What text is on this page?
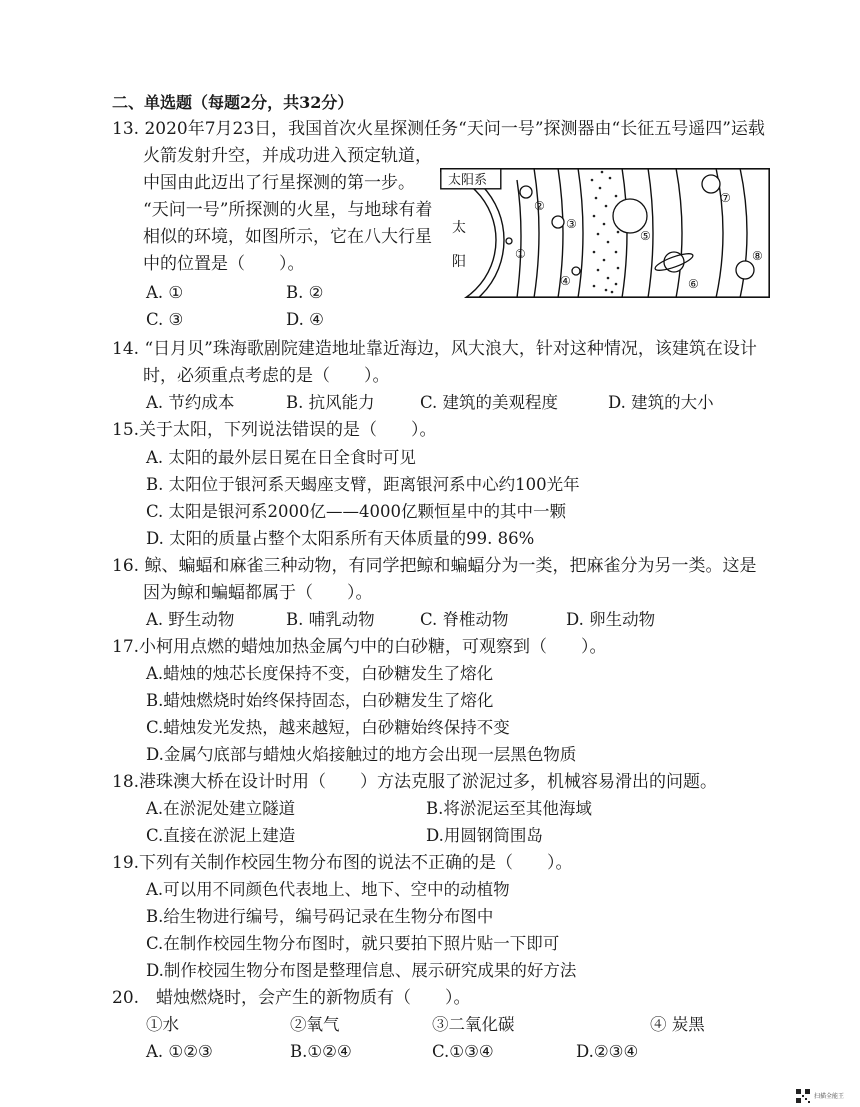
二、单选题（每题2分，共32分）
13. 2020年7月23日，我国首次火星探测任务“天问一号”探测器由“长征五号遥四”运载
火箭发射升空，并成功进入预定轨道，
中国由此迈出了行星探测的第一步。
“天问一号”所探测的火星，与地球有着
相似的环境，如图所示，它在八大行星
中的位置是（　　）。
A. ①	B. ②
C. ③	D. ④
太阳系
太
阳	①
②
③
④
⑤
⑥
⑦
⑧
14. “日月贝”珠海歌剧院建造地址靠近海边，风大浪大，针对这种情况，该建筑在设计
时，必须重点考虑的是（　　）。
A. 节约成本	B. 抗风能力	C. 建筑的美观程度	D. 建筑的大小
15.关于太阳，下列说法错误的是（　　）。
A. 太阳的最外层日冕在日全食时可见
B. 太阳位于银河系天蝎座支臂，距离银河系中心约100光年
C. 太阳是银河系2000亿——4000亿颗恒星中的其中一颗
D. 太阳的质量占整个太阳系所有天体质量的99. 86%
16. 鲸、蝙蝠和麻雀三种动物，有同学把鲸和蝙蝠分为一类，把麻雀分为另一类。这是
因为鲸和蝙蝠都属于（　　）。
A. 野生动物	B. 哺乳动物	C. 脊椎动物	D. 卵生动物
17.小柯用点燃的蜡烛加热金属勺中的白砂糖，可观察到（　　）。
A.蜡烛的烛芯长度保持不变，白砂糖发生了熔化
B.蜡烛燃烧时始终保持固态，白砂糖发生了熔化
C.蜡烛发光发热，越来越短，白砂糖始终保持不变
D.金属勺底部与蜡烛火焰接触过的地方会出现一层黑色物质
18.港珠澳大桥在设计时用（　　）方法克服了淤泥过多，机械容易滑出的问题。
A.在淤泥处建立隧道	B.将淤泥运至其他海域
C.直接在淤泥上建造	D.用圆钢筒围岛
19.下列有关制作校园生物分布图的说法不正确的是（　　）。
A.可以用不同颜色代表地上、地下、空中的动植物
B.给生物进行编号，编号码记录在生物分布图中
C.在制作校园生物分布图时，就只要拍下照片贴一下即可
D.制作校园生物分布图是整理信息、展示研究成果的好方法
20.　蜡烛燃烧时，会产生的新物质有（　　）。
①水	②氧气	③二氧化碳	④ 炭黑
A. ①②③	B.①②④	C.①③④	D.②③④
扫描全能王
